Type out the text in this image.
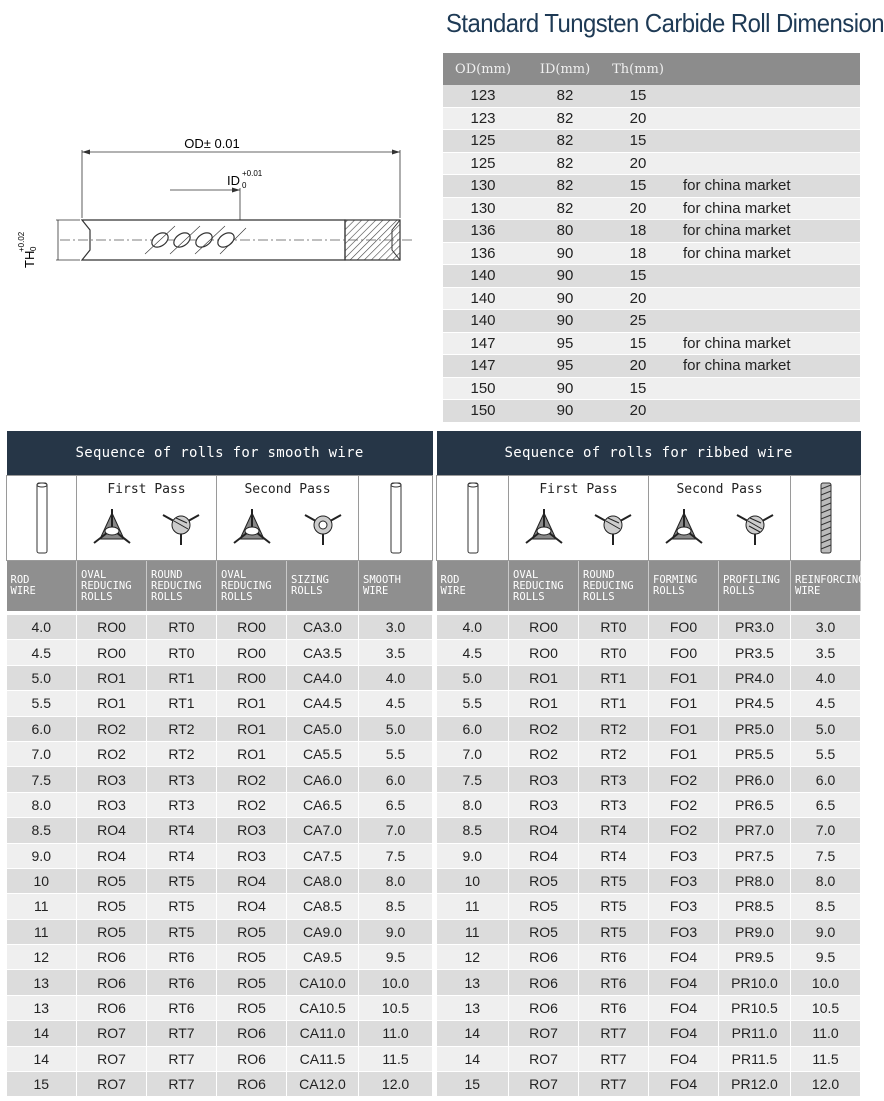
Standard Tungsten Carbide Roll Dimension
OD(mm)	ID(mm)	Th(mm)	
123	82	15	
123	82	20	
125	82	15	
125	82	20	
130	82	15	for china market
130	82	20	for china market
136	80	18	for china market
136	90	18	for china market
140	90	15	
140	90	20	
140	90	25	
147	95	15	for china market
147	95	20	for china market
150	90	15	
150	90	20	
OD± 0.01
ID +0.01
0
TH
+0.02 0
Sequence of rolls for smooth wire					

First Pass		Second Pass

ROD
WIRE	OVAL
REDUCING
ROLLS	ROUND
REDUCING
ROLLS	OVAL
REDUCING
ROLLS	SIZING
ROLLS	SMOOTH
WIRE

4.0	RO0	RT0	RO0	CA3.0	3.0
4.5	RO0	RT0	RO0	CA3.5	3.5
5.0	RO1	RT1	RO0	CA4.0	4.0
5.5	RO1	RT1	RO1	CA4.5	4.5
6.0	RO2	RT2	RO1	CA5.0	5.0
7.0	RO2	RT2	RO1	CA5.5	5.5
7.5	RO3	RT3	RO2	CA6.0	6.0
8.0	RO3	RT3	RO2	CA6.5	6.5
8.5	RO4	RT4	RO3	CA7.0	7.0
9.0	RO4	RT4	RO3	CA7.5	7.5
10	RO5	RT5	RO4	CA8.0	8.0
11	RO5	RT5	RO4	CA8.5	8.5
11	RO5	RT5	RO5	CA9.0	9.0
12	RO6	RT6	RO5	CA9.5	9.5
13	RO6	RT6	RO5	CA10.0	10.0
13	RO6	RT6	RO5	CA10.5	10.5
14	RO7	RT7	RO6	CA11.0	11.0
14	RO7	RT7	RO6	CA11.5	11.5
15	RO7	RT7	RO6	CA12.0	12.0
Sequence of rolls for ribbed wire					

First Pass		Second Pass

ROD
WIRE	OVAL
REDUCING
ROLLS	ROUND
REDUCING
ROLLS	FORMING
ROLLS	PROFILING
ROLLS	REINFORCING
WIRE

4.0	RO0	RT0	FO0	PR3.0	3.0
4.5	RO0	RT0	FO0	PR3.5	3.5
5.0	RO1	RT1	FO1	PR4.0	4.0
5.5	RO1	RT1	FO1	PR4.5	4.5
6.0	RO2	RT2	FO1	PR5.0	5.0
7.0	RO2	RT2	FO1	PR5.5	5.5
7.5	RO3	RT3	FO2	PR6.0	6.0
8.0	RO3	RT3	FO2	PR6.5	6.5
8.5	RO4	RT4	FO2	PR7.0	7.0
9.0	RO4	RT4	FO3	PR7.5	7.5
10	RO5	RT5	FO3	PR8.0	8.0
11	RO5	RT5	FO3	PR8.5	8.5
11	RO5	RT5	FO3	PR9.0	9.0
12	RO6	RT6	FO4	PR9.5	9.5
13	RO6	RT6	FO4	PR10.0	10.0
13	RO6	RT6	FO4	PR10.5	10.5
14	RO7	RT7	FO4	PR11.0	11.0
14	RO7	RT7	FO4	PR11.5	11.5
15	RO7	RT7	FO4	PR12.0	12.0
